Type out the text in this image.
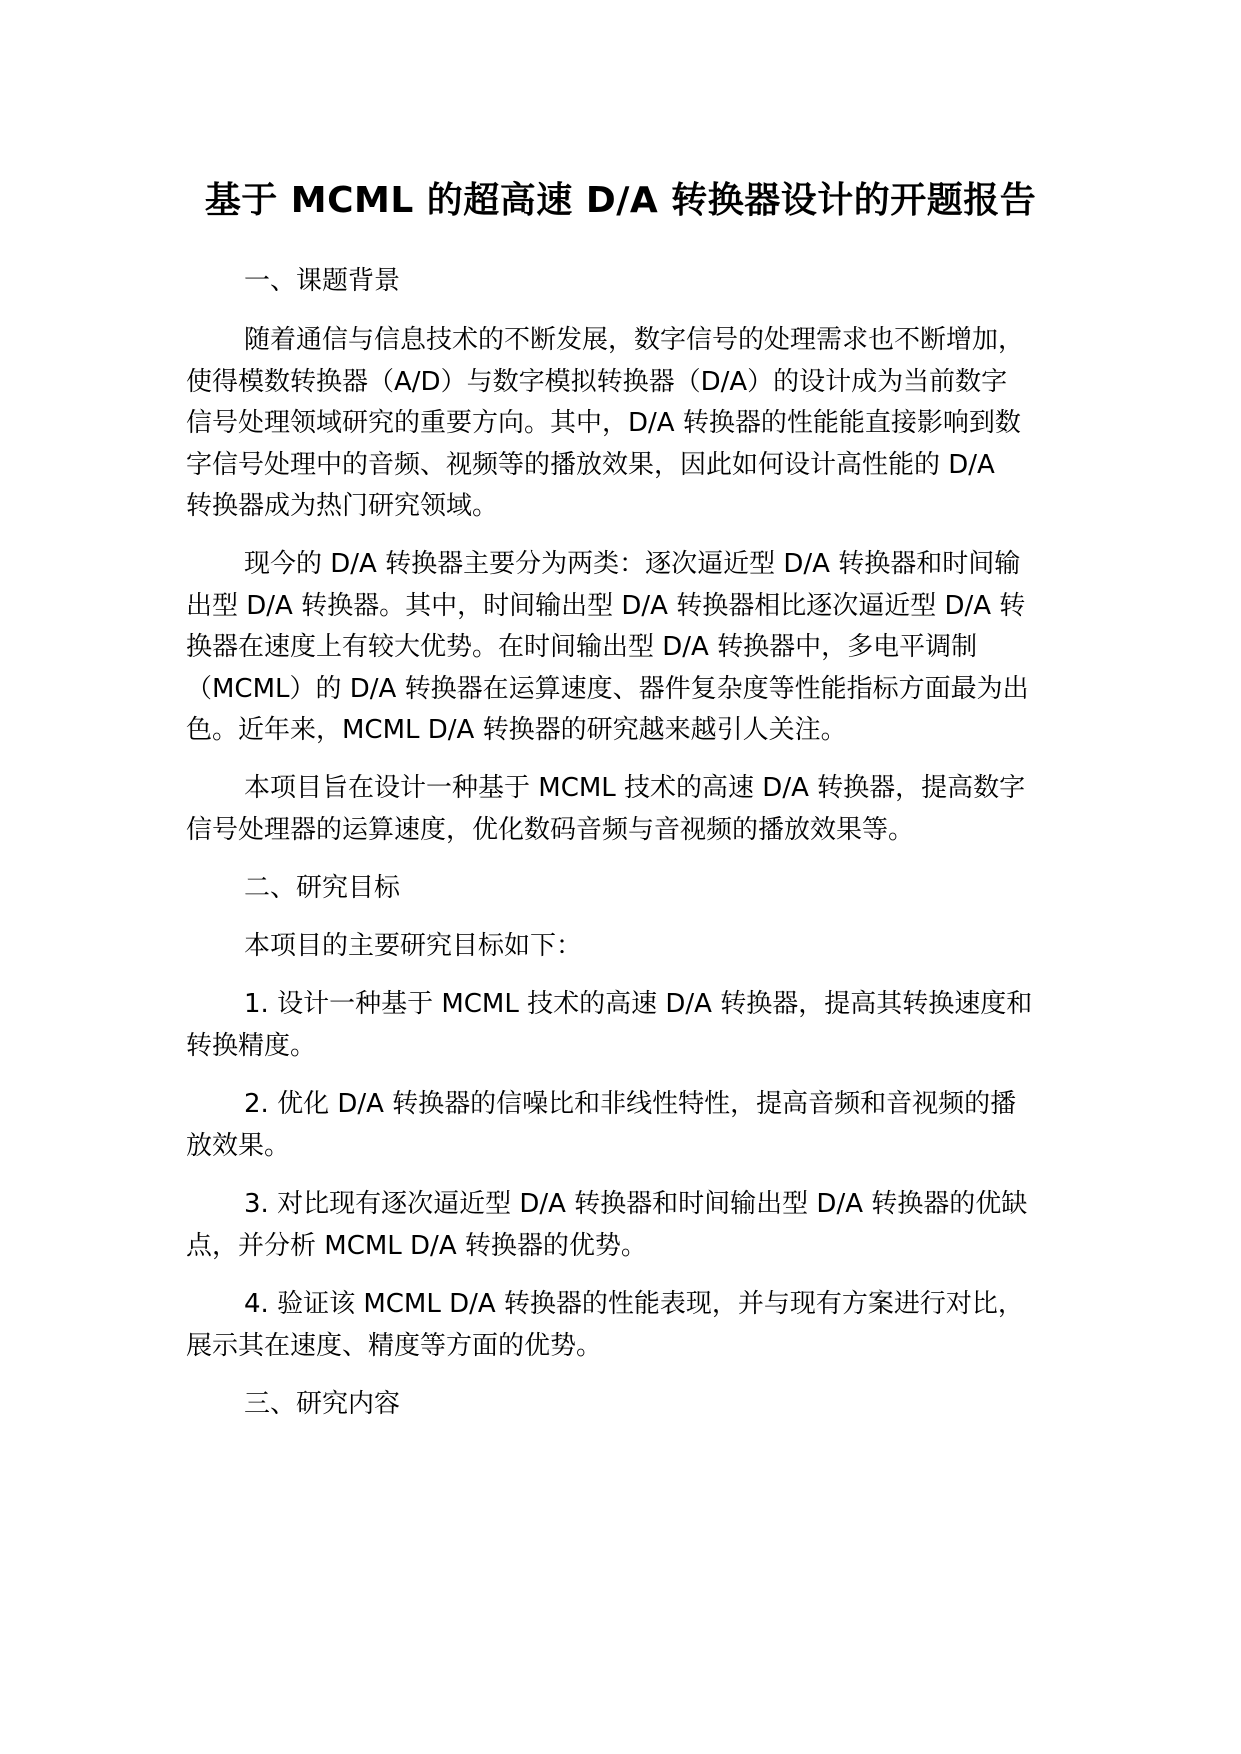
基于 MCML 的超高速 D/A 转换器设计的开题报告
一、课题背景
随着通信与信息技术的不断发展，数字信号的处理需求也不断增加，
使得模数转换器（A/D）与数字模拟转换器（D/A）的设计成为当前数字
信号处理领域研究的重要方向。其中，D/A 转换器的性能能直接影响到数
字信号处理中的音频、视频等的播放效果，因此如何设计高性能的 D/A
转换器成为热门研究领域。
现今的 D/A 转换器主要分为两类：逐次逼近型 D/A 转换器和时间输
出型 D/A 转换器。其中，时间输出型 D/A 转换器相比逐次逼近型 D/A 转
换器在速度上有较大优势。在时间输出型 D/A 转换器中，多电平调制
（MCML）的 D/A 转换器在运算速度、器件复杂度等性能指标方面最为出
色。近年来，MCML D/A 转换器的研究越来越引人关注。
本项目旨在设计一种基于 MCML 技术的高速 D/A 转换器，提高数字
信号处理器的运算速度，优化数码音频与音视频的播放效果等。
二、研究目标
本项目的主要研究目标如下：
1. 设计一种基于 MCML 技术的高速 D/A 转换器，提高其转换速度和
转换精度。
2. 优化 D/A 转换器的信噪比和非线性特性，提高音频和音视频的播
放效果。
3. 对比现有逐次逼近型 D/A 转换器和时间输出型 D/A 转换器的优缺
点，并分析 MCML D/A 转换器的优势。
4. 验证该 MCML D/A 转换器的性能表现，并与现有方案进行对比，
展示其在速度、精度等方面的优势。
三、研究内容
